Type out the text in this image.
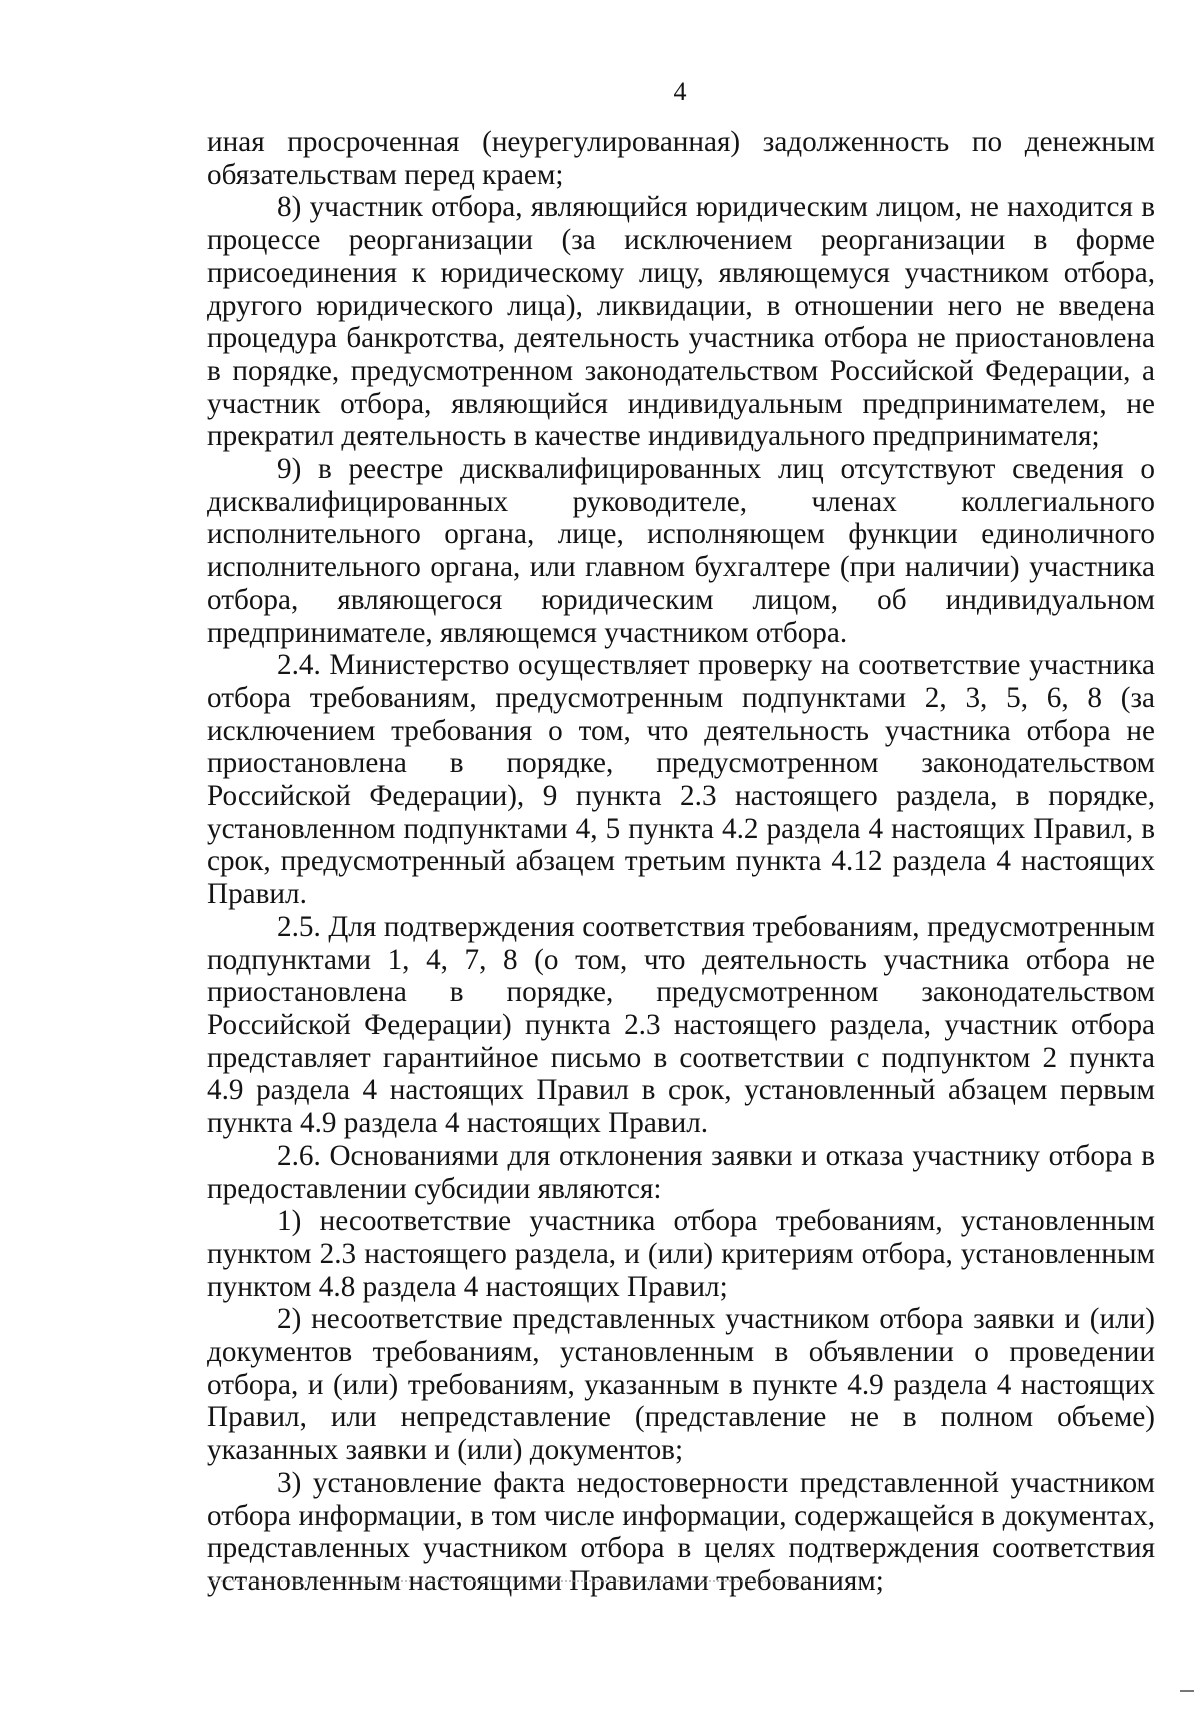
4

иная просроченная (неурегулированная) задолженность по денежным обязательствам перед краем;

8) участник отбора, являющийся юридическим лицом, не находится в процессе реорганизации (за исключением реорганизации в форме присоединения к юридическому лицу, являющемуся участником отбора, другого юридического лица), ликвидации, в отношении него не введена процедура банкротства, деятельность участника отбора не приостановлена в порядке, предусмотренном законодательством Российской Федерации, а участник отбора, являющийся индивидуальным предпринимателем, не прекратил деятельность в качестве индивидуального предпринимателя;

9) в реестре дисквалифицированных лиц отсутствуют сведения о дисквалифицированных руководителе, членах коллегиального исполнительного органа, лице, исполняющем функции единоличного исполнительного органа, или главном бухгалтере (при наличии) участника отбора, являющегося юридическим лицом, об индивидуальном предпринимателе, являющемся участником отбора.

2.4. Министерство осуществляет проверку на соответствие участника отбора требованиям, предусмотренным подпунктами 2, 3, 5, 6, 8 (за исключением требования о том, что деятельность участника отбора не приостановлена в порядке, предусмотренном законодательством Российской Федерации), 9 пункта 2.3 настоящего раздела, в порядке, установленном подпунктами 4, 5 пункта 4.2 раздела 4 настоящих Правил, в срок, предусмотренный абзацем третьим пункта 4.12 раздела 4 настоящих Правил.

2.5. Для подтверждения соответствия требованиям, предусмотренным подпунктами 1, 4, 7, 8 (о том, что деятельность участника отбора не приостановлена в порядке, предусмотренном законодательством Российской Федерации) пункта 2.3 настоящего раздела, участник отбора представляет гарантийное письмо в соответствии с подпунктом 2 пункта 4.9 раздела 4 настоящих Правил в срок, установленный абзацем первым пункта 4.9 раздела 4 настоящих Правил.

2.6. Основаниями для отклонения заявки и отказа участнику отбора в предоставлении субсидии являются:

1) несоответствие участника отбора требованиям, установленным пунктом 2.3 настоящего раздела, и (или) критериям отбора, установленным пунктом 4.8 раздела 4 настоящих Правил;

2) несоответствие представленных участником отбора заявки и (или) документов требованиям, установленным в объявлении о проведении отбора, и (или) требованиям, указанным в пункте 4.9 раздела 4 настоящих Правил, или непредставление (представление не в полном объеме) указанных заявки и (или) документов;

3) установление факта недостоверности представленной участником отбора информации, в том числе информации, содержащейся в документах, представленных участником отбора в целях подтверждения соответствия установленным настоящими Правилами требованиям;
